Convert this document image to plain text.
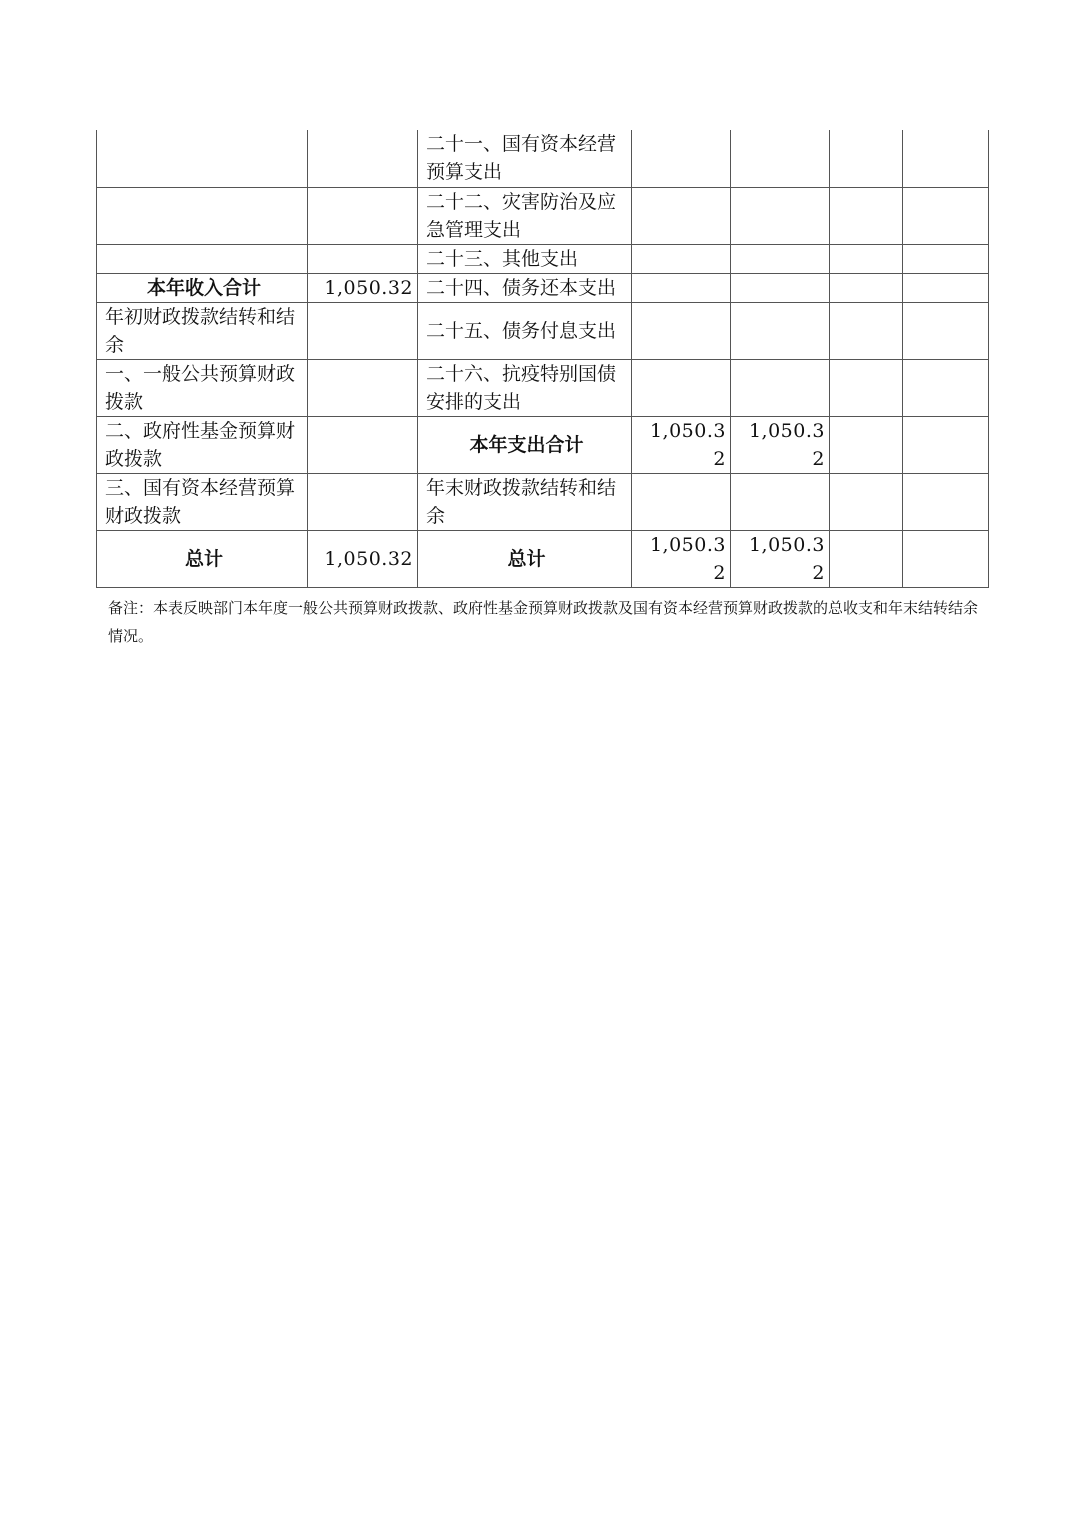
		二十一、国有资本经营预算支出				
		二十二、灾害防治及应急管理支出				
		二十三、其他支出				
本年收入合计	1,050.32	二十四、债务还本支出				
年初财政拨款结转和结余		二十五、债务付息支出				
一、一般公共预算财政拨款		二十六、抗疫特别国债安排的支出				
二、政府性基金预算财政拨款		本年支出合计	1,050.32	1,050.32		
三、国有资本经营预算财政拨款		年末财政拨款结转和结余				
总计	1,050.32	总计	1,050.32	1,050.32		
备注：本表反映部门本年度一般公共预算财政拨款、政府性基金预算财政拨款及国有资本经营预算财政拨款的总收支和年末结转结余情况。
